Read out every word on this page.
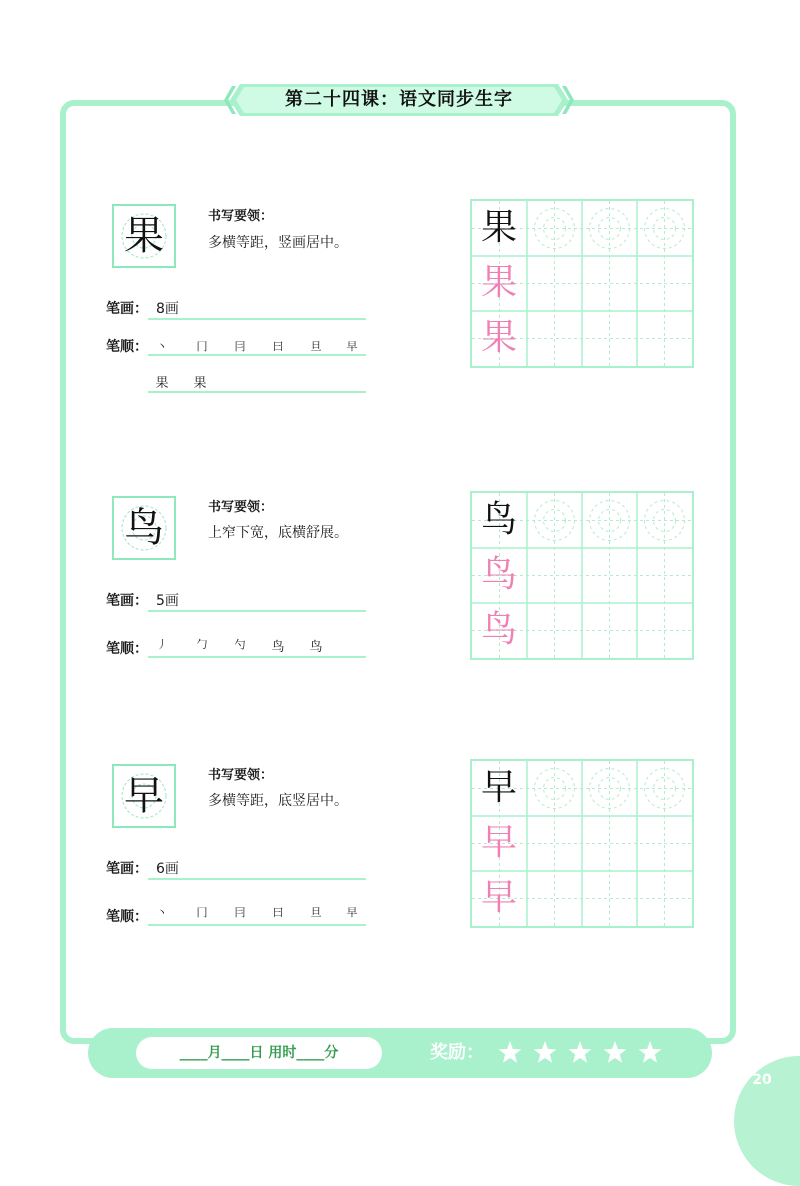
第二十四课：语文同步生字
果	书写要领：
多横等距，竖画居中。
笔画： 8画
笔顺： 丶	冂	冃	曰	旦	早
果	果
果
果
果
鸟	书写要领：
上窄下宽，底横舒展。
笔画： 5画
笔顺： 丿	勹	勺	鸟	鸟
鸟
鸟
鸟
早	书写要领：
多横等距，底竖居中。
笔画： 6画
笔顺： 丶	冂	冃	曰	旦	早
早
早
早
____月____日 用时____分	奖励：
20
